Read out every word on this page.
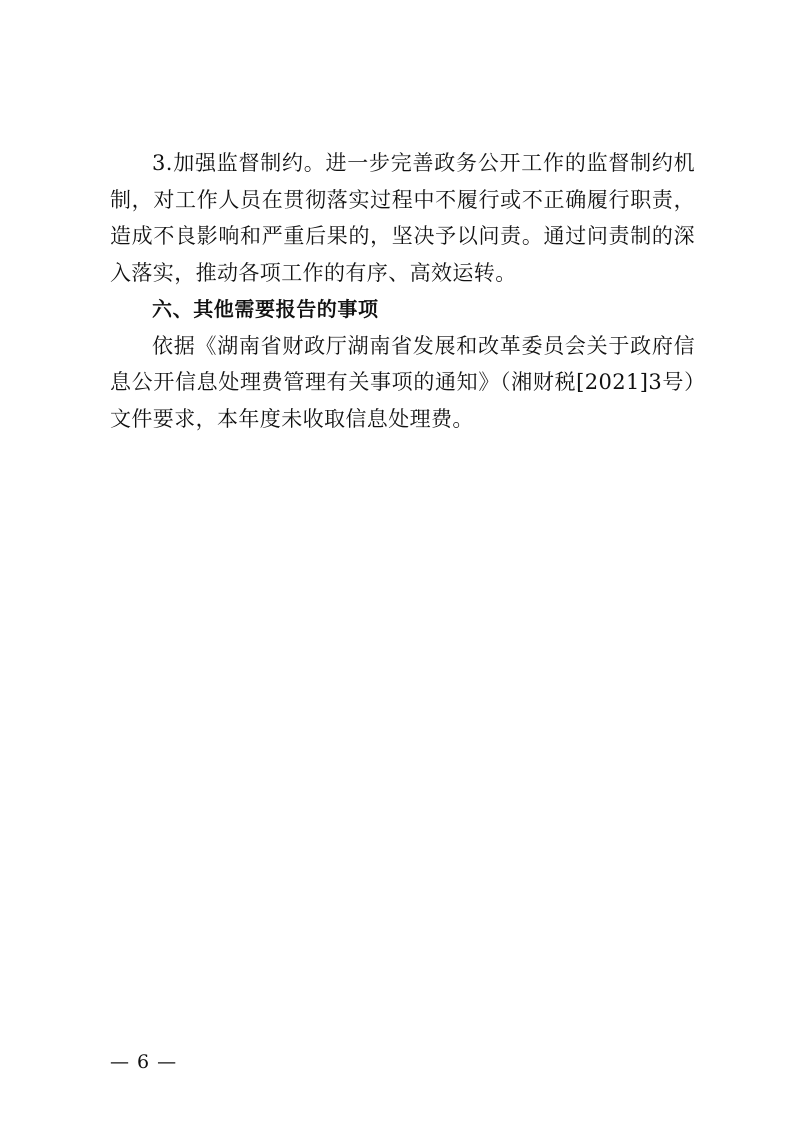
3.加强监督制约。进一步完善政务公开工作的监督制约机制，对工作人员在贯彻落实过程中不履行或不正确履行职责，造成不良影响和严重后果的，坚决予以问责。通过问责制的深入落实，推动各项工作的有序、高效运转。

六、其他需要报告的事项

依据《湖南省财政厅湖南省发展和改革委员会关于政府信息公开信息处理费管理有关事项的通知》（湘财税[2021]3号）文件要求，本年度未收取信息处理费。

— 6 —
